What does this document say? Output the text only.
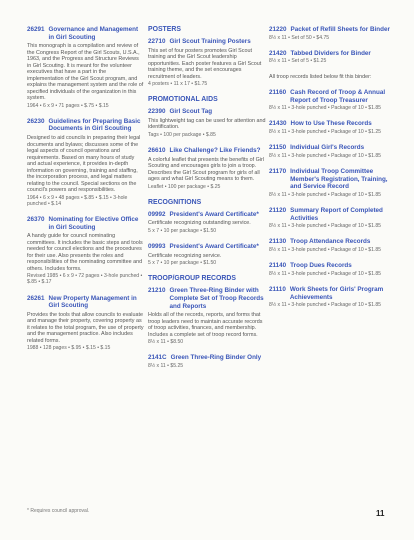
26291 Governance and Management in Girl Scouting
This monograph is a compilation and review of the Congress Report of the Girl Scouts, U.S.A., 1963, and the Progress and Structure Reviews in Girl Scouting. It is meant for the volunteer executives that have a part in the implementation of the Girl Scout program, and explains the management system and the role of specified individuals of the organization in this system.
1964 • 6 x 9 • 71 pages • $.75 • $.15
26230 Guidelines for Preparing Basic Documents in Girl Scouting
Designed to aid councils in preparing their legal documents and bylaws; discusses some of the legal aspects of council operations and requirements. Based on many hours of study and actual experience, it provides in-depth information on governing, training and staffing, the incorporation process, and legal matters relating to the council. Special sections on the council's powers and responsibilities.
1964 • 6 x 9 • 48 pages • $.85 • $.15 • 3-hole punched • $.14
26370 Nominating for Elective Office in Girl Scouting
A handy guide for council nominating committees. It includes the basic steps and tools needed for council elections and the procedures for their use. Also presents the roles and responsibilities of the nominating committee and others. Includes forms.
Revised 1985 • 6 x 9 • 72 pages • 3-hole punched • $.85 • $.17
26261 New Property Management in Girl Scouting
Provides the tools that allow councils to evaluate and manage their property, covering property as it relates to the total program, the use of property and the management practice. Also includes related forms.
1988 • 128 pages • $.95 • $.15 • $.15
POSTERS
22710 Girl Scout Training Posters
This set of four posters promotes Girl Scout training and the Girl Scout leadership opportunities. Each poster features a Girl Scout training theme, and the set encourages recruitment of leaders.
4 posters • 11 x 17 • $1.75
PROMOTIONAL AIDS
22390 Girl Scout Tag
This lightweight tag can be used for attention and identification.
Tags • 100 per package • $.85
26610 Like Challenge? Like Friends?
A colorful leaflet that presents the benefits of Girl Scouting and encourages girls to join a troop. Describes the Girl Scout program for girls of all ages and what Girl Scouting means to them.
Leaflet • 100 per package • $.25
RECOGNITIONS
09992 President's Award Certificate*
Certificate recognizing outstanding service.
5 x 7 • 10 per package • $1.50
09993 President's Award Certificate*
Certificate recognizing service.
5 x 7 • 10 per package • $1.50
TROOP/GROUP RECORDS
21210 Green Three-Ring Binder with Complete Set of Troop Records and Reports
Holds all of the records, reports, and forms that troop leaders need to maintain accurate records of troop activities, finances, and membership. Includes a complete set of troop record forms.
8½ x 11 • $8.50
2141C Green Three-Ring Binder Only
8½ x 11 • $5.25
21220 Packet of Refill Sheets for Binder
8½ x 11 • Set of 50 • $4.75
21420 Tabbed Dividers for Binder
8½ x 11 • Set of 5 • $1.25
All troop records listed below fit this binder:
21160 Cash Record of Troop & Annual Report of Troop Treasurer
8½ x 11 • 3-hole punched • Package of 10 • $1.85
21430 How to Use These Records
8½ x 11 • 3-hole punched • Package of 10 • $1.25
21150 Individual Girl's Records
8½ x 11 • 3-hole punched • Package of 10 • $1.85
21170 Individual Troop Committee Member's Registration, Training, and Service Record
8½ x 11 • 3-hole punched • Package of 10 • $1.85
21120 Summary Report of Completed Activities
8½ x 11 • 3-hole punched • Package of 10 • $1.85
21130 Troop Attendance Records
8½ x 11 • 3-hole punched • Package of 10 • $1.85
21140 Troop Dues Records
8½ x 11 • 3-hole punched • Package of 10 • $1.85
21110 Work Sheets for Girls' Program Achievements
8½ x 11 • 3-hole punched • Package of 10 • $1.85
* Requires council approval.	11
